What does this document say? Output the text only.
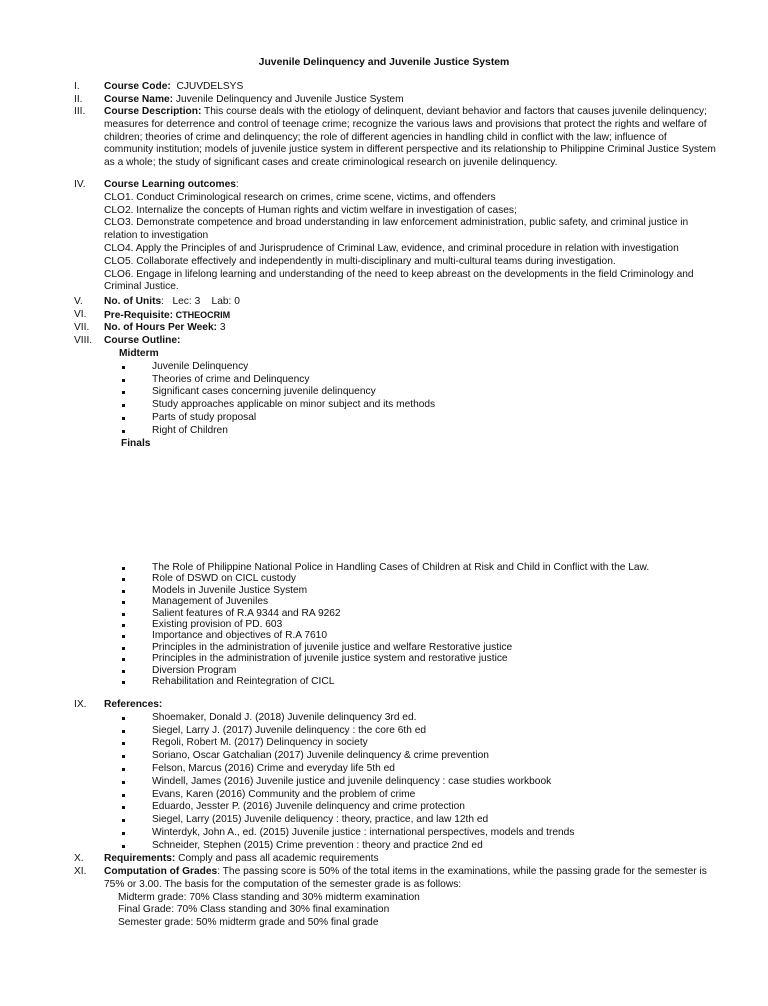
Juvenile Delinquency and Juvenile Justice System
I.	Course Code:  CJUVDELSYS
II.	Course Name: Juvenile Delinquency and Juvenile Justice System
III.	Course Description: This course deals with the etiology of delinquent, deviant behavior and factors that causes juvenile delinquency; measures for deterrence and control of teenage crime; recognize the various laws and provisions that protect the rights and welfare of children; theories of crime and delinquency; the role of different agencies in handling child in conflict with the law; influence of community institution; models of juvenile justice system in different perspective and its relationship to Philippine Criminal Justice System as a whole; the study of significant cases and create criminological research on juvenile delinquency.
IV.	Course Learning outcomes:
CLO1. Conduct Criminological research on crimes, crime scene, victims, and offenders
CLO2. Internalize the concepts of Human rights and victim welfare in investigation of cases;
CLO3. Demonstrate competence and broad understanding in law enforcement administration, public safety, and criminal justice in relation to investigation
CLO4. Apply the Principles of and Jurisprudence of Criminal Law, evidence, and criminal procedure in relation with investigation
CLO5. Collaborate effectively and independently in multi-disciplinary and multi-cultural teams during investigation.
CLO6. Engage in lifelong learning and understanding of the need to keep abreast on the developments in the field Criminology and Criminal Justice.
V.	No. of Units:   Lec: 3    Lab: 0
VI.	Pre-Requisite: CTHEOCRIM
VII.	No. of Hours Per Week: 3
VIII.	Course Outline:
Midterm
Juvenile Delinquency
Theories of crime and Delinquency
Significant cases concerning juvenile delinquency
Study approaches applicable on minor subject and its methods
Parts of study proposal
Right of Children
Finals
The Role of Philippine National Police in Handling Cases of Children at Risk and Child in Conflict with the Law.
Role of DSWD on CICL custody
Models in Juvenile Justice System
Management of Juveniles
Salient features of R.A 9344 and RA 9262
Existing provision of PD. 603
Importance and objectives of R.A 7610
Principles in the administration of juvenile justice and welfare Restorative justice
Principles in the administration of juvenile justice system and restorative justice
Diversion Program
Rehabilitation and Reintegration of CICL
IX.	References:
Shoemaker, Donald J. (2018) Juvenile delinquency 3rd ed.
Siegel, Larry J. (2017) Juvenile delinquency : the core 6th ed
Regoli, Robert M. (2017) Delinquency in society
Soriano, Oscar Gatchalian (2017) Juvenile delinquency & crime prevention
Felson, Marcus (2016) Crime and everyday life 5th ed
Windell, James (2016) Juvenile justice and juvenile delinquency : case studies workbook
Evans, Karen (2016) Community and the problem of crime
Eduardo, Jesster P. (2016) Juvenile delinquency and crime protection
Siegel, Larry (2015) Juvenile deliquency : theory, practice, and law 12th ed
Winterdyk, John A., ed. (2015) Juvenile justice : international perspectives, models and trends
Schneider, Stephen (2015) Crime prevention : theory and practice 2nd ed
X.	Requirements: Comply and pass all academic requirements
XI.	Computation of Grades: The passing score is 50% of the total items in the examinations, while the passing grade for the semester is 75% or 3.00. The basis for the computation of the semester grade is as follows:
Midterm grade: 70% Class standing and 30% midterm examination
Final Grade: 70% Class standing and 30% final examination
Semester grade: 50% midterm grade and 50% final grade
